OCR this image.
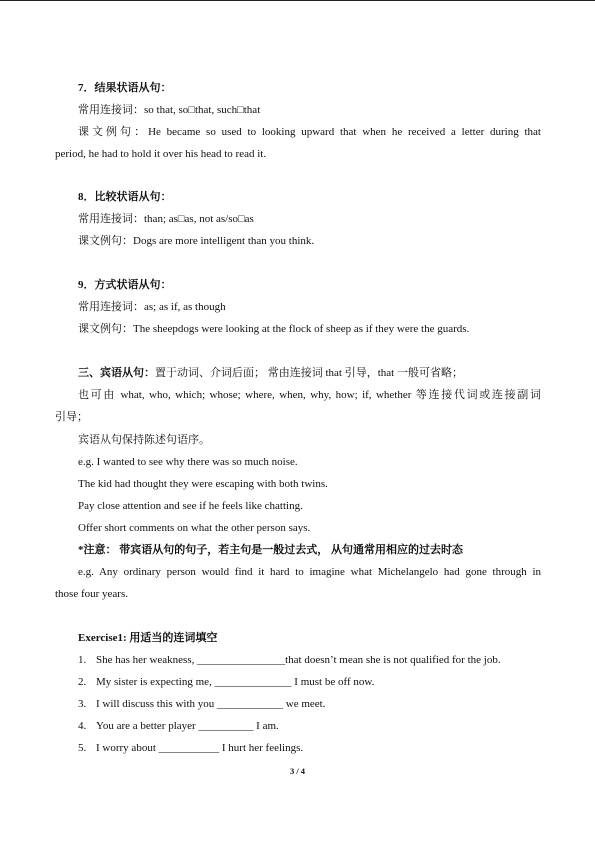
7．结果状语从句：
常用连接词：so that, so□that, such□that
课文例句：He became so used to looking upward that when he received a letter during that
period, he had to hold it over his head to read it.
8．比较状语从句：
常用连接词：than; as□as, not as/so□as
课文例句：Dogs are more intelligent than you think.
9．方式状语从句：
常用连接词：as; as if, as though
课文例句：The sheepdogs were looking at the flock of sheep as if they were the guards.
三、宾语从句：置于动词、介词后面； 常由连接词 that 引导，that 一般可省略；
也可由 what, who, which; whose; where, when, why, how; if, whether 等连接代词或连接副词
引导；
宾语从句保持陈述句语序。
e.g. I wanted to see why there was so much noise.
The kid had thought they were escaping with both twins.
Pay close attention and see if he feels like chatting.
Offer short comments on what the other person says.
*注意： 带宾语从句的句子，若主句是一般过去式， 从句通常用相应的过去时态
e.g. Any ordinary person would find it hard to imagine what Michelangelo had gone through in
those four years.
Exercise1: 用适当的连词填空
1. She has her weakness, ________________that doesn’t mean she is not qualified for the job.
2. My sister is expecting me, ______________ I must be off now.
3. I will discuss this with you ____________ we meet.
4. You are a better player __________ I am.
5. I worry about ___________ I hurt her feelings.
3 / 4
